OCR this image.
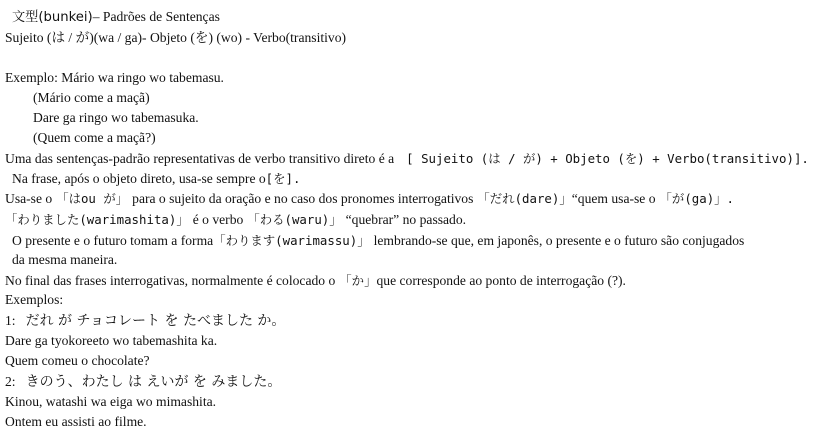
文型(bunkei)– Padrões de Sentenças
Sujeito (は / が)(wa / ga)- Objeto (を) (wo) - Verbo(transitivo)
Exemplo: Mário wa ringo wo tabemasu.
(Mário come a maçã)
Dare ga ringo wo tabemasuka.
(Quem come a maçã?)
Uma das sentenças-padrão representativas de verbo transitivo direto é a [ Sujeito (は / が) + Objeto (を) + Verbo(transitivo)].
Na frase, após o objeto direto, usa-se sempre o[を].
Usa-se o 「はou が」 para o sujeito da oração e no caso dos pronomes interrogativos 「だれ(dare)」“quem usa-se o 「が(ga)」.
「わりました(warimashita)」 é o verbo 「わる(waru)」 “quebrar” no passado.
O presente e o futuro tomam a forma「わります(warimassu)」 lembrando-se que, em japonês, o presente e o futuro são conjugados
da mesma maneira.
No final das frases interrogativas, normalmente é colocado o 「か」que corresponde ao ponto de interrogação (?).
Exemplos:
1: だれ が チョコレート を たべました か。
Dare ga tyokoreeto wo tabemashita ka.
Quem comeu o chocolate?
2: きのう、わたし は えいが を みました。
Kinou, watashi wa eiga wo mimashita.
Ontem eu assisti ao filme.
